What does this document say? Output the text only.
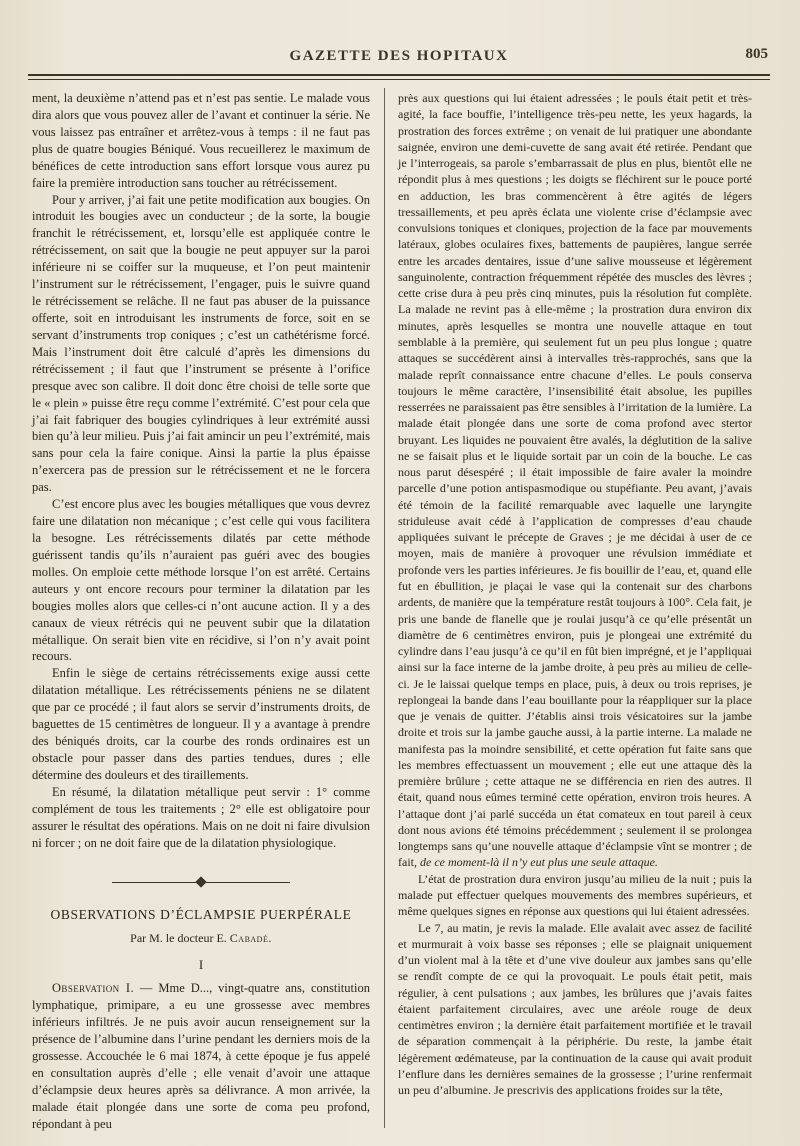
GAZETTE DES HOPITAUX	805

ment, la deuxième n’attend pas et n’est pas sentie. Le malade vous dira alors que vous pouvez aller de l’avant et continuer la série. Ne vous laissez pas entraîner et arrêtez-vous à temps : il ne faut pas plus de quatre bougies Béniqué. Vous recueillerez le maximum de bénéfices de cette introduction sans effort lorsque vous aurez pu faire la première introduction sans toucher au rétrécissement.

Pour y arriver, j’ai fait une petite modification aux bougies. On introduit les bougies avec un conducteur ; de la sorte, la bougie franchit le rétrécissement, et, lorsqu’elle est appliquée contre le rétrécissement, on sait que la bougie ne peut appuyer sur la paroi inférieure ni se coiffer sur la muqueuse, et l’on peut maintenir l’instrument sur le rétrécissement, l’engager, puis le suivre quand le rétrécissement se relâche. Il ne faut pas abuser de la puissance offerte, soit en introduisant les instruments de force, soit en se servant d’instruments trop coniques ; c’est un cathétérisme forcé. Mais l’instrument doit être calculé d’après les dimensions du rétrécissement ; il faut que l’instrument se présente à l’orifice presque avec son calibre. Il doit donc être choisi de telle sorte que le « plein » puisse être reçu comme l’extrémité. C’est pour cela que j’ai fait fabriquer des bougies cylindriques à leur extrémité aussi bien qu’à leur milieu. Puis j’ai fait amincir un peu l’extrémité, mais sans pour cela la faire conique. Ainsi la partie la plus épaisse n’exercera pas de pression sur le rétrécissement et ne le forcera pas.

C’est encore plus avec les bougies métalliques que vous devrez faire une dilatation non mécanique ; c’est celle qui vous facilitera la besogne. Les rétrécissements dilatés par cette méthode guérissent tandis qu’ils n’auraient pas guéri avec des bougies molles. On emploie cette méthode lorsque l’on est arrêté. Certains auteurs y ont encore recours pour terminer la dilatation par les bougies molles alors que celles-ci n’ont aucune action. Il y a des canaux de vieux rétrécis qui ne peuvent subir que la dilatation métallique. On serait bien vite en récidive, si l’on n’y avait point recours.

Enfin le siège de certains rétrécissements exige aussi cette dilatation métallique. Les rétrécissements péniens ne se dilatent que par ce procédé ; il faut alors se servir d’instruments droits, de baguettes de 15 centimètres de longueur. Il y a avantage à prendre des béniqués droits, car la courbe des ronds ordinaires est un obstacle pour passer dans des parties tendues, dures ; elle détermine des douleurs et des tiraillements.

En résumé, la dilatation métallique peut servir : 1° comme complément de tous les traitements ; 2° elle est obligatoire pour assurer le résultat des opérations. Mais on ne doit ni faire divulsion ni forcer ; on ne doit faire que de la dilatation physiologique.

OBSERVATIONS D’ÉCLAMPSIE PUERPÉRALE
Par M. le docteur E. Cabadé.
I

Observation I. — Mme D..., vingt-quatre ans, constitution lymphatique, primipare, a eu une grossesse avec membres inférieurs infiltrés. Je ne puis avoir aucun renseignement sur la présence de l’albumine dans l’urine pendant les derniers mois de la grossesse. Accouchée le 6 mai 1874, à cette époque je fus appelé en consultation auprès d’elle ; elle venait d’avoir une attaque d’éclampsie deux heures après sa délivrance. A mon arrivée, la malade était plongée dans une sorte de coma peu profond, répondant à peu

près aux questions qui lui étaient adressées ; le pouls était petit et très-agité, la face bouffie, l’intelligence très-peu nette, les yeux hagards, la prostration des forces extrême ; on venait de lui pratiquer une abondante saignée, environ une demi-cuvette de sang avait été retirée. Pendant que je l’interrogeais, sa parole s’embarrassait de plus en plus, bientôt elle ne répondit plus à mes questions ; les doigts se fléchirent sur le pouce porté en adduction, les bras commencèrent à être agités de légers tressaillements, et peu après éclata une violente crise d’éclampsie avec convulsions toniques et cloniques, projection de la face par mouvements latéraux, globes oculaires fixes, battements de paupières, langue serrée entre les arcades dentaires, issue d’une salive mousseuse et légèrement sanguinolente, contraction fréquemment répétée des muscles des lèvres ; cette crise dura à peu près cinq minutes, puis la résolution fut complète. La malade ne revint pas à elle-même ; la prostration dura environ dix minutes, après lesquelles se montra une nouvelle attaque en tout semblable à la première, qui seulement fut un peu plus longue ; quatre attaques se succédèrent ainsi à intervalles très-rapprochés, sans que la malade reprît connaissance entre chacune d’elles. Le pouls conserva toujours le même caractère, l’insensibilité était absolue, les pupilles resserrées ne paraissaient pas être sensibles à l’irritation de la lumière. La malade était plongée dans une sorte de coma profond avec stertor bruyant. Les liquides ne pouvaient être avalés, la déglutition de la salive ne se faisait plus et le liquide sortait par un coin de la bouche. Le cas nous parut désespéré ; il était impossible de faire avaler la moindre parcelle d’une potion antispasmodique ou stupéfiante. Peu avant, j’avais été témoin de la facilité remarquable avec laquelle une laryngite striduleuse avait cédé à l’application de compresses d’eau chaude appliquées suivant le précepte de Graves ; je me décidai à user de ce moyen, mais de manière à provoquer une révulsion immédiate et profonde vers les parties inférieures. Je fis bouillir de l’eau, et, quand elle fut en ébullition, je plaçai le vase qui la contenait sur des charbons ardents, de manière que la température restât toujours à 100°. Cela fait, je pris une bande de flanelle que je roulai jusqu’à ce qu’elle présentât un diamètre de 6 centimètres environ, puis je plongeai une extrémité du cylindre dans l’eau jusqu’à ce qu’il en fût bien imprégné, et je l’appliquai ainsi sur la face interne de la jambe droite, à peu près au milieu de celle-ci. Je le laissai quelque temps en place, puis, à deux ou trois reprises, je replongeai la bande dans l’eau bouillante pour la réappliquer sur la place que je venais de quitter. J’établis ainsi trois vésicatoires sur la jambe droite et trois sur la jambe gauche aussi, à la partie interne. La malade ne manifesta pas la moindre sensibilité, et cette opération fut faite sans que les membres effectuassent un mouvement ; elle eut une attaque dès la première brûlure ; cette attaque ne se différencia en rien des autres. Il était, quand nous eûmes terminé cette opération, environ trois heures. A l’attaque dont j’ai parlé succéda un état comateux en tout pareil à ceux dont nous avions été témoins précédemment ; seulement il se prolongea longtemps sans qu’une nouvelle attaque d’éclampsie vînt se montrer ; de fait, de ce moment-là il n’y eut plus une seule attaque.

L’état de prostration dura environ jusqu’au milieu de la nuit ; puis la malade put effectuer quelques mouvements des membres supérieurs, et même quelques signes en réponse aux questions qui lui étaient adressées.

Le 7, au matin, je revis la malade. Elle avalait avec assez de facilité et murmurait à voix basse ses réponses ; elle se plaignait uniquement d’un violent mal à la tête et d’une vive douleur aux jambes sans qu’elle se rendît compte de ce qui la provoquait. Le pouls était petit, mais régulier, à cent pulsations ; aux jambes, les brûlures que j’avais faites étaient parfaitement circulaires, avec une aréole rouge de deux centimètres environ ; la dernière était parfaitement mortifiée et le travail de séparation commençait à la périphérie. Du reste, la jambe était légèrement œdémateuse, par la continuation de la cause qui avait produit l’enflure dans les dernières semaines de la grossesse ; l’urine renfermait un peu d’albumine. Je prescrivis des applications froides sur la tête,
